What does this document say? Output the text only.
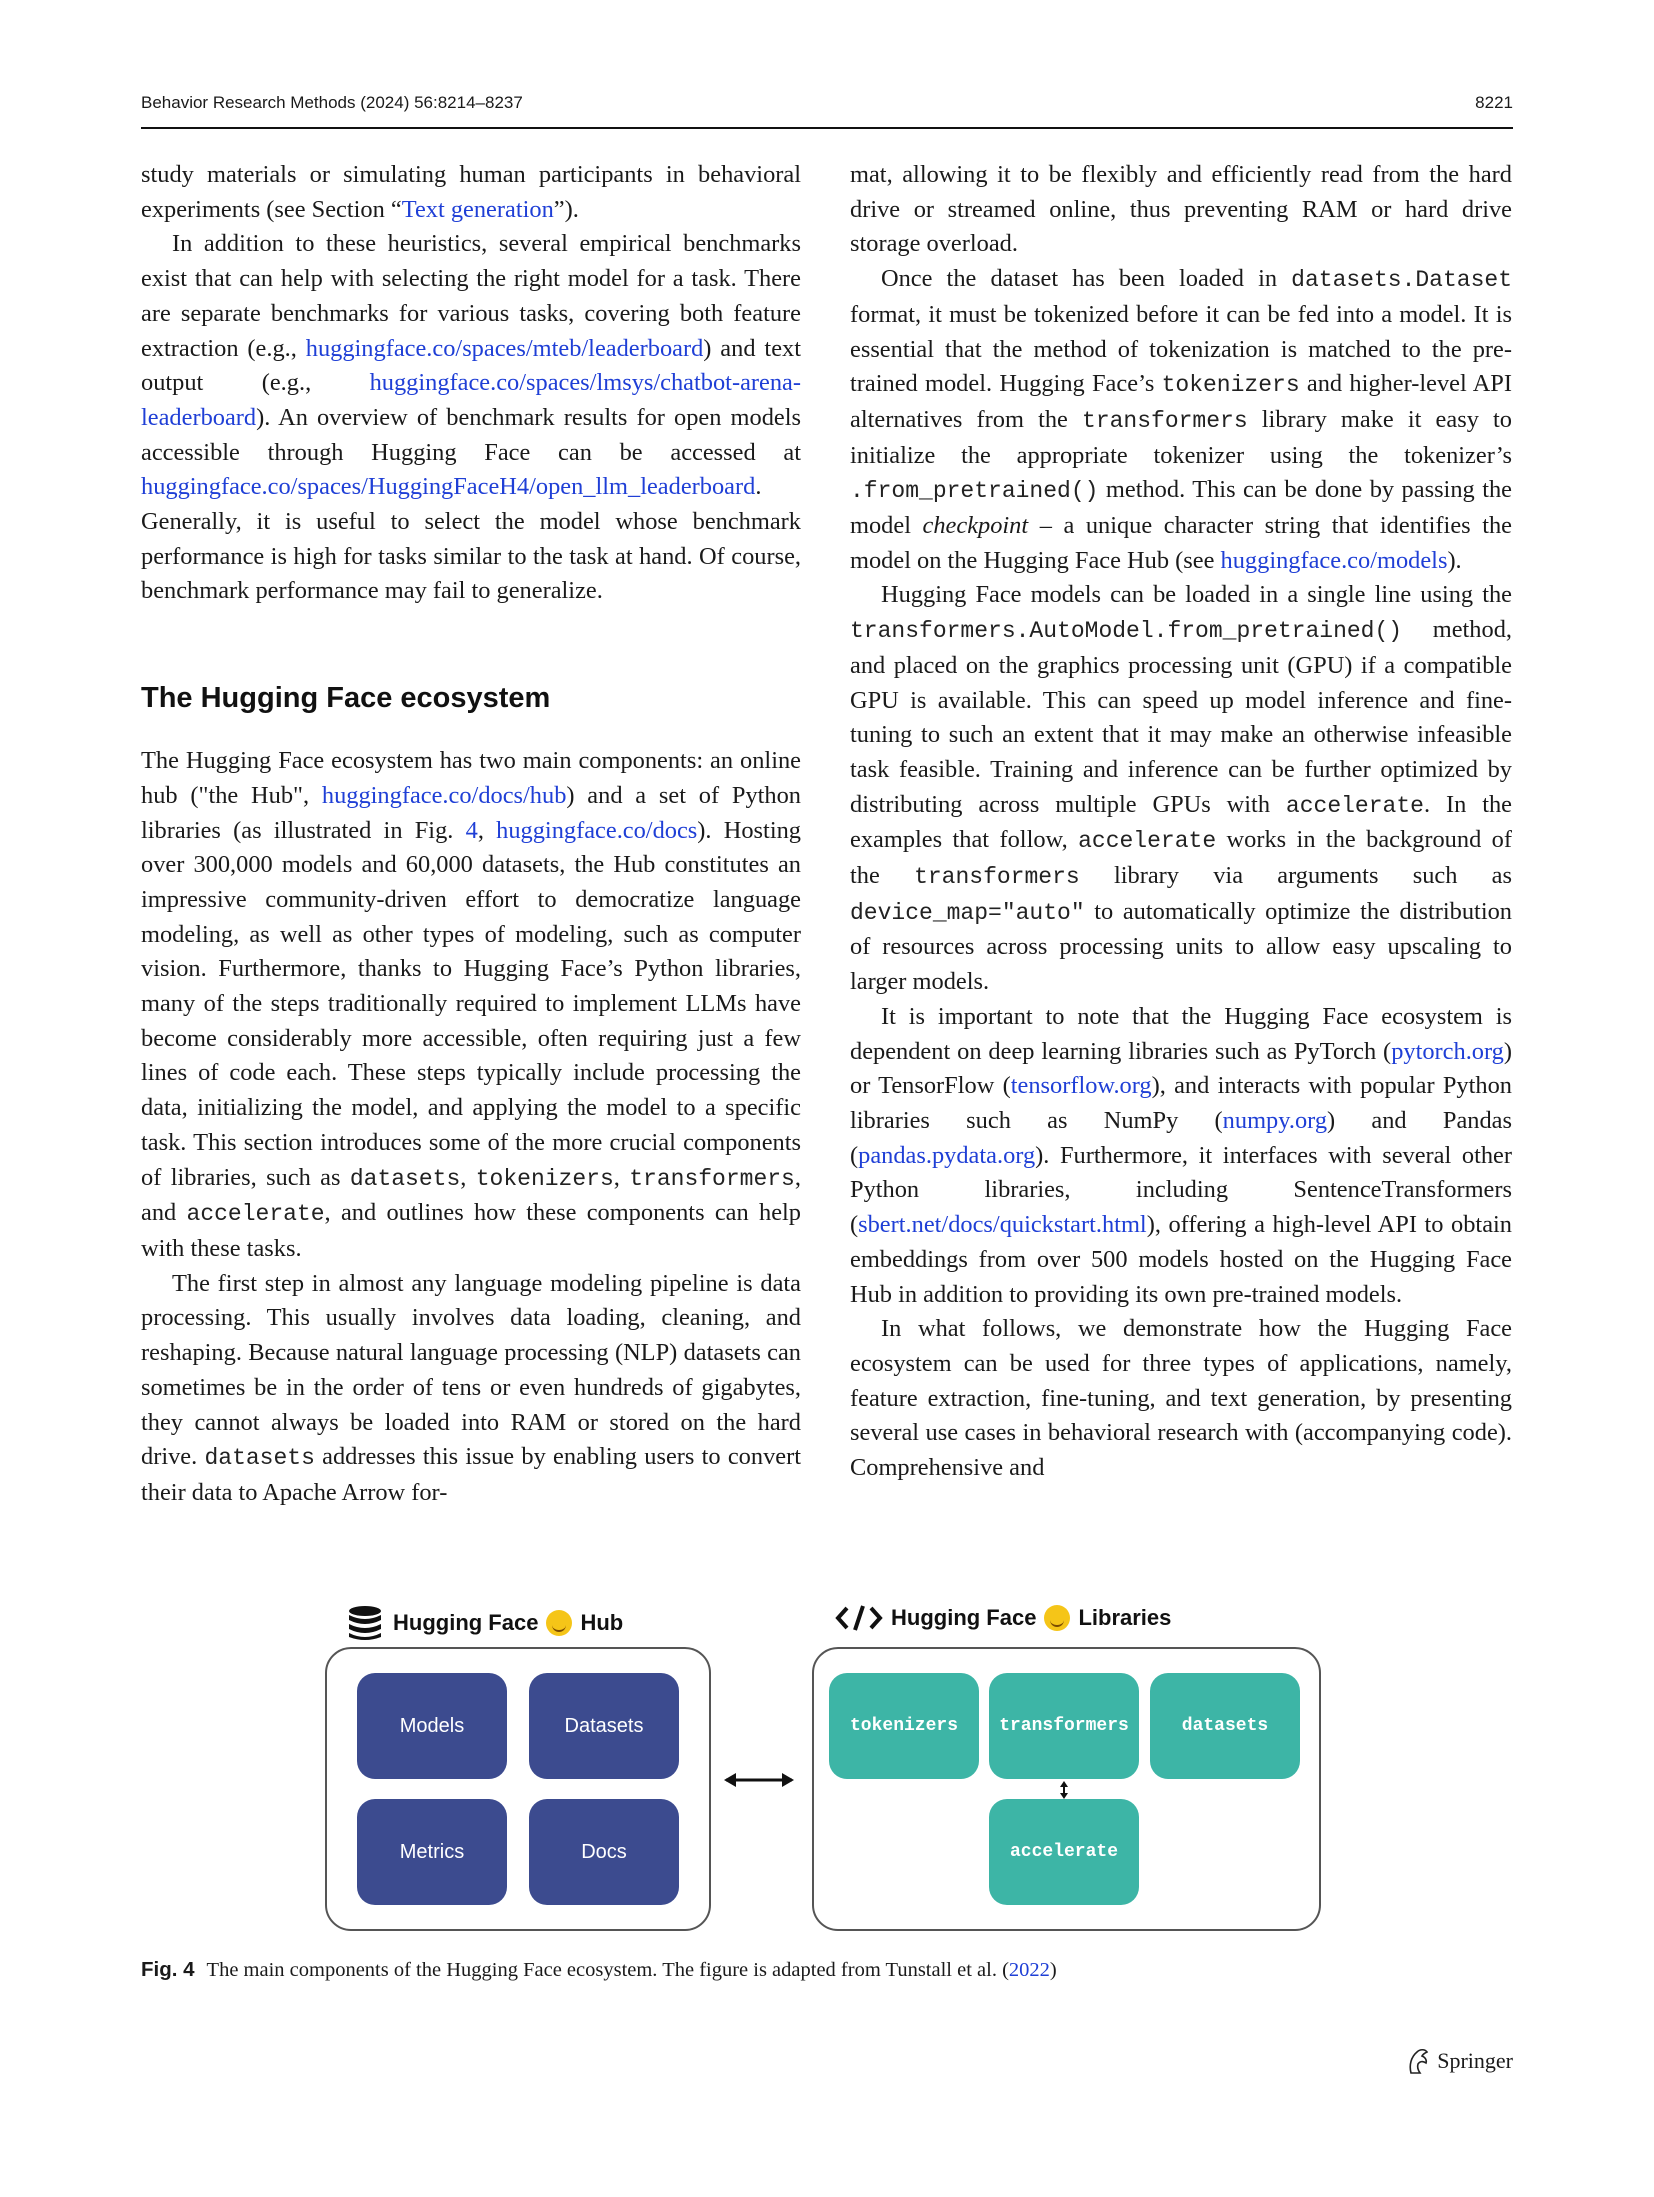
Behavior Research Methods (2024) 56:8214–8237	8221

study materials or simulating human participants in behavioral experiments (see Section “Text generation”).

In addition to these heuristics, several empirical benchmarks exist that can help with selecting the right model for a task. There are separate benchmarks for various tasks, covering both feature extraction (e.g., huggingface.co/spaces/mteb/leaderboard) and text output (e.g., huggingface.co/spaces/lmsys/chatbot-arena-leaderboard). An overview of benchmark results for open models accessible through Hugging Face can be accessed at huggingface.co/spaces/HuggingFaceH4/open_llm_leaderboard. Generally, it is useful to select the model whose benchmark performance is high for tasks similar to the task at hand. Of course, benchmark performance may fail to generalize.

The Hugging Face ecosystem

The Hugging Face ecosystem has two main components: an online hub ("the Hub", huggingface.co/docs/hub) and a set of Python libraries (as illustrated in Fig. 4, huggingface.co/docs). Hosting over 300,000 models and 60,000 datasets, the Hub constitutes an impressive community-driven effort to democratize language modeling, as well as other types of modeling, such as computer vision. Furthermore, thanks to Hugging Face’s Python libraries, many of the steps traditionally required to implement LLMs have become considerably more accessible, often requiring just a few lines of code each. These steps typically include processing the data, initializing the model, and applying the model to a specific task. This section introduces some of the more crucial components of libraries, such as datasets, tokenizers, transformers, and accelerate, and outlines how these components can help with these tasks.

The first step in almost any language modeling pipeline is data processing. This usually involves data loading, cleaning, and reshaping. Because natural language processing (NLP) datasets can sometimes be in the order of tens or even hundreds of gigabytes, they cannot always be loaded into RAM or stored on the hard drive. datasets addresses this issue by enabling users to convert their data to Apache Arrow for-

mat, allowing it to be flexibly and efficiently read from the hard drive or streamed online, thus preventing RAM or hard drive storage overload.

Once the dataset has been loaded in datasets.Dataset format, it must be tokenized before it can be fed into a model. It is essential that the method of tokenization is matched to the pre-trained model. Hugging Face’s tokenizers and higher-level API alternatives from the transformers library make it easy to initialize the appropriate tokenizer using the tokenizer’s .from_pretrained() method. This can be done by passing the model checkpoint – a unique character string that identifies the model on the Hugging Face Hub (see huggingface.co/models).

Hugging Face models can be loaded in a single line using the transformers.AutoModel.from_pretrained() method, and placed on the graphics processing unit (GPU) if a compatible GPU is available. This can speed up model inference and fine-tuning to such an extent that it may make an otherwise infeasible task feasible. Training and inference can be further optimized by distributing across multiple GPUs with accelerate. In the examples that follow, accelerate works in the background of the transformers library via arguments such as device_map="auto" to automatically optimize the distribution of resources across processing units to allow easy upscaling to larger models.

It is important to note that the Hugging Face ecosystem is dependent on deep learning libraries such as PyTorch (pytorch.org) or TensorFlow (tensorflow.org), and interacts with popular Python libraries such as NumPy (numpy.org) and Pandas (pandas.pydata.org). Furthermore, it interfaces with several other Python libraries, including SentenceTransformers (sbert.net/docs/quickstart.html), offering a high-level API to obtain embeddings from over 500 models hosted on the Hugging Face Hub in addition to providing its own pre-trained models.

In what follows, we demonstrate how the Hugging Face ecosystem can be used for three types of applications, namely, feature extraction, fine-tuning, and text generation, by presenting several use cases in behavioral research with (accompanying code). Comprehensive and

Hugging Face Hub	Hugging Face Libraries
Models	Datasets
Metrics	Docs
tokenizers	transformers	datasets
accelerate
Fig. 4 The main components of the Hugging Face ecosystem. The figure is adapted from Tunstall et al. (2022)
Springer
